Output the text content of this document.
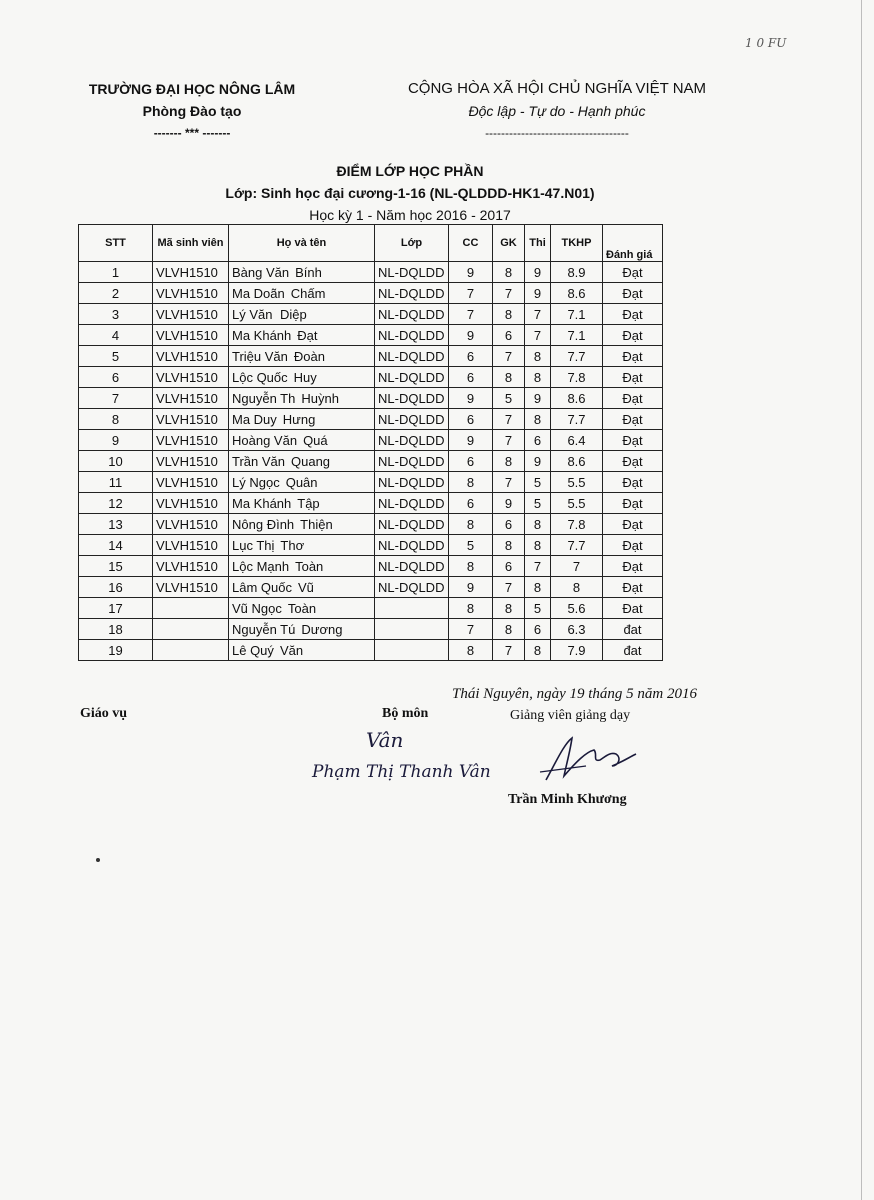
1 0 FU
TRƯỜNG ĐẠI HỌC NÔNG LÂM
Phòng Đào tạo
------- *** -------
CỘNG HÒA XÃ HỘI CHỦ NGHĨA VIỆT NAM
Độc lập - Tự do - Hạnh phúc
------------------------------------
ĐIỂM LỚP HỌC PHẦN
Lớp: Sinh học đại cương-1-16 (NL-QLDDD-HK1-47.N01)
Học kỳ 1 - Năm học 2016 - 2017
STT	Mã sinh viên	Họ và tên	Lớp	CC	GK	Thi	TKHP	Đánh giá
1	VLVH1510	Bàng Văn Bính	NL-DQLDD	9	8	9	8.9	Đạt
2	VLVH1510	Ma Doãn Chấm	NL-DQLDD	7	7	9	8.6	Đạt
3	VLVH1510	Lý Văn Diệp	NL-DQLDD	7	8	7	7.1	Đạt
4	VLVH1510	Ma Khánh Đạt	NL-DQLDD	9	6	7	7.1	Đạt
5	VLVH1510	Triệu Văn Đoàn	NL-DQLDD	6	7	8	7.7	Đạt
6	VLVH1510	Lộc Quốc Huy	NL-DQLDD	6	8	8	7.8	Đạt
7	VLVH1510	Nguyễn Th Huỳnh	NL-DQLDD	9	5	9	8.6	Đạt
8	VLVH1510	Ma Duy Hưng	NL-DQLDD	6	7	8	7.7	Đạt
9	VLVH1510	Hoàng Văn Quá	NL-DQLDD	9	7	6	6.4	Đạt
10	VLVH1510	Trần Văn Quang	NL-DQLDD	6	8	9	8.6	Đạt
11	VLVH1510	Lý Ngọc Quân	NL-DQLDD	8	7	5	5.5	Đạt
12	VLVH1510	Ma Khánh Tập	NL-DQLDD	6	9	5	5.5	Đạt
13	VLVH1510	Nông Đình Thiện	NL-DQLDD	8	6	8	7.8	Đạt
14	VLVH1510	Lục Thị Thơ	NL-DQLDD	5	8	8	7.7	Đạt
15	VLVH1510	Lộc Mạnh Toàn	NL-DQLDD	8	6	7	7	Đạt
16	VLVH1510	Lâm Quốc Vũ	NL-DQLDD	9	7	8	8	Đạt
17		Vũ Ngọc Toàn		8	8	5	5.6	Đat
18		Nguyễn Tú Dương		7	8	6	6.3	đat
19		Lê Quý Văn		8	7	8	7.9	đat
Thái Nguyên, ngày 19 tháng 5 năm 2016
Giáo vụ	Bộ môn	Giảng viên giảng dạy
Vân
Phạm Thị Thanh Vân
Trần Minh Khương
